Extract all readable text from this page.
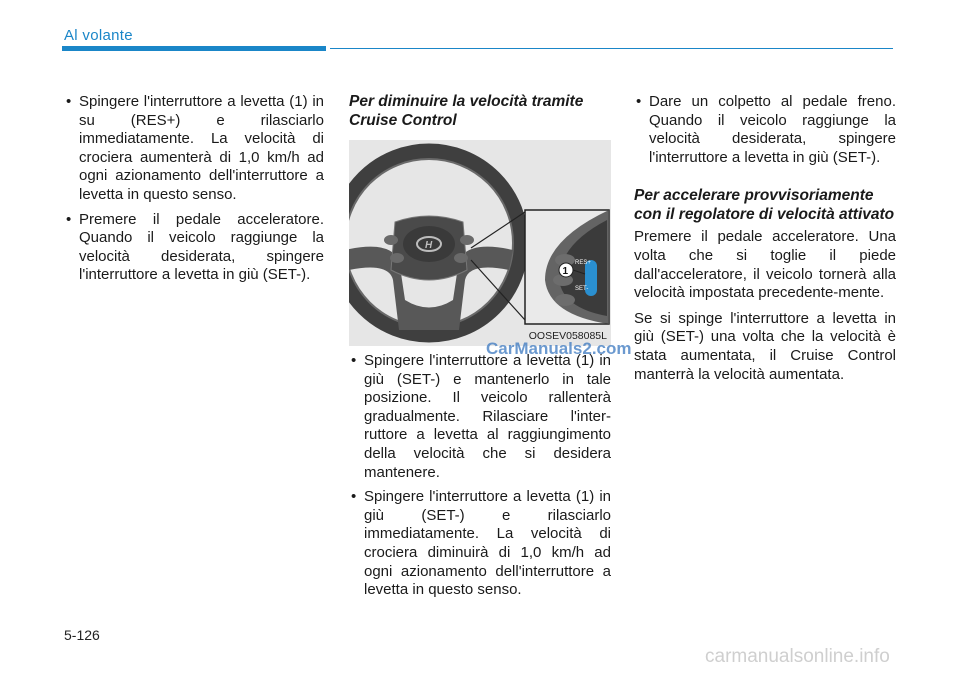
Al volante
• Spingere l'interruttore a levetta (1) in su (RES+) e rilasciarlo immediatamente. La velocità di crociera aumenterà di 1,0 km/h ad ogni azionamento dell'interruttore a levetta in questo senso.
• Premere il pedale acceleratore. Quando il veicolo raggiunge la velocità desiderata, spingere l'interruttore a levetta in giù (SET-).
Per diminuire la velocità tramite Cruise Control
H
RES+
SET-
1
OOSEV058085L
• Spingere l'interruttore a levetta (1) in giù (SET-) e mantenerlo in tale posizione. Il veicolo rallenterà gradualmente. Rilasciare l'inter-ruttore a levetta al raggiungimento della velocità che si desidera mantenere.
• Spingere l'interruttore a levetta (1) in giù (SET-) e rilasciarlo immediatamente. La velocità di crociera diminuirà di 1,0 km/h ad ogni azionamento dell'interruttore a levetta in questo senso.
CarManuals2.com
• Dare un colpetto al pedale freno. Quando il veicolo raggiunge la velocità desiderata, spingere l'interruttore a levetta in giù (SET-).
Per accelerare provvisoriamente con il regolatore di velocità attivato

Premere il pedale acceleratore. Una volta che si toglie il piede dall'acceleratore, il veicolo tornerà alla velocità impostata precedente-mente.

Se si spinge l'interruttore a levetta in giù (SET-) una volta che la velocità è stata aumentata, il Cruise Control manterrà la velocità aumentata.

5-126
carmanualsonline.info
